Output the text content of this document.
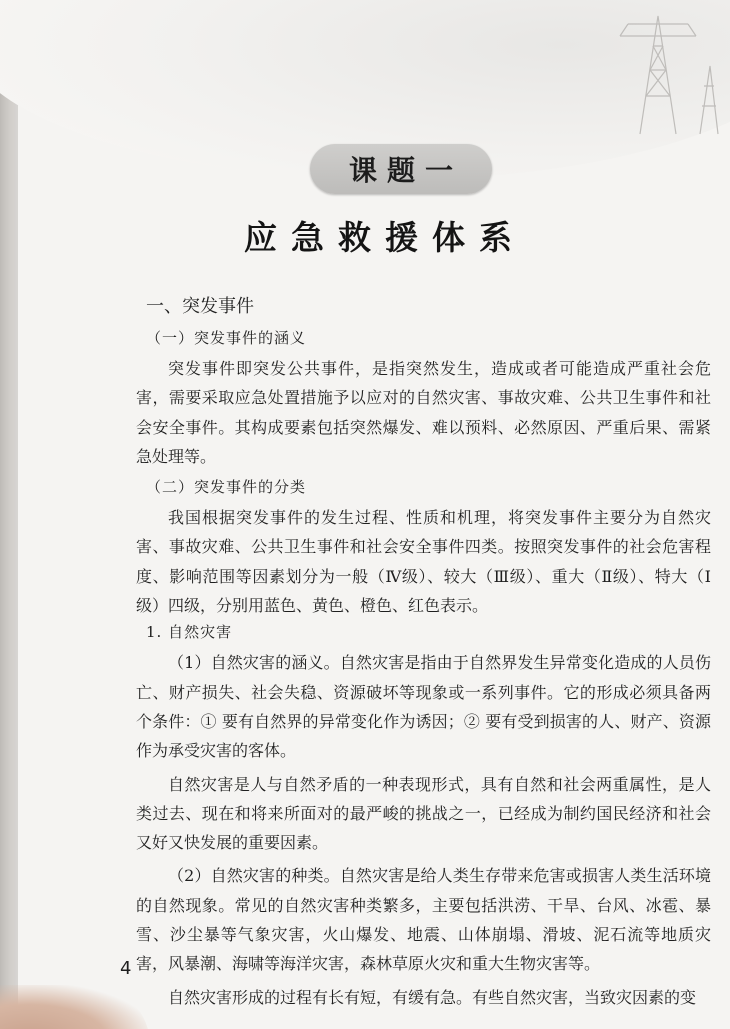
课题一
应急救援体系
一、突发事件
（一）突发事件的涵义

突发事件即突发公共事件，是指突然发生，造成或者可能造成严重社会危害，需要采取应急处置措施予以应对的自然灾害、事故灾难、公共卫生事件和社会安全事件。其构成要素包括突然爆发、难以预料、必然原因、严重后果、需紧急处理等。

（二）突发事件的分类

我国根据突发事件的发生过程、性质和机理，将突发事件主要分为自然灾害、事故灾难、公共卫生事件和社会安全事件四类。按照突发事件的社会危害程度、影响范围等因素划分为一般（Ⅳ级）、较大（Ⅲ级）、重大（Ⅱ级）、特大（Ⅰ级）四级，分别用蓝色、黄色、橙色、红色表示。

1. 自然灾害

（1）自然灾害的涵义。自然灾害是指由于自然界发生异常变化造成的人员伤亡、财产损失、社会失稳、资源破坏等现象或一系列事件。它的形成必须具备两个条件：① 要有自然界的异常变化作为诱因；② 要有受到损害的人、财产、资源作为承受灾害的客体。

自然灾害是人与自然矛盾的一种表现形式，具有自然和社会两重属性，是人类过去、现在和将来所面对的最严峻的挑战之一，已经成为制约国民经济和社会又好又快发展的重要因素。

（2）自然灾害的种类。自然灾害是给人类生存带来危害或损害人类生活环境的自然现象。常见的自然灾害种类繁多，主要包括洪涝、干旱、台风、冰雹、暴雪、沙尘暴等气象灾害，火山爆发、地震、山体崩塌、滑坡、泥石流等地质灾害，风暴潮、海啸等海洋灾害，森林草原火灾和重大生物灾害等。

自然灾害形成的过程有长有短，有缓有急。有些自然灾害，当致灾因素的变

4
